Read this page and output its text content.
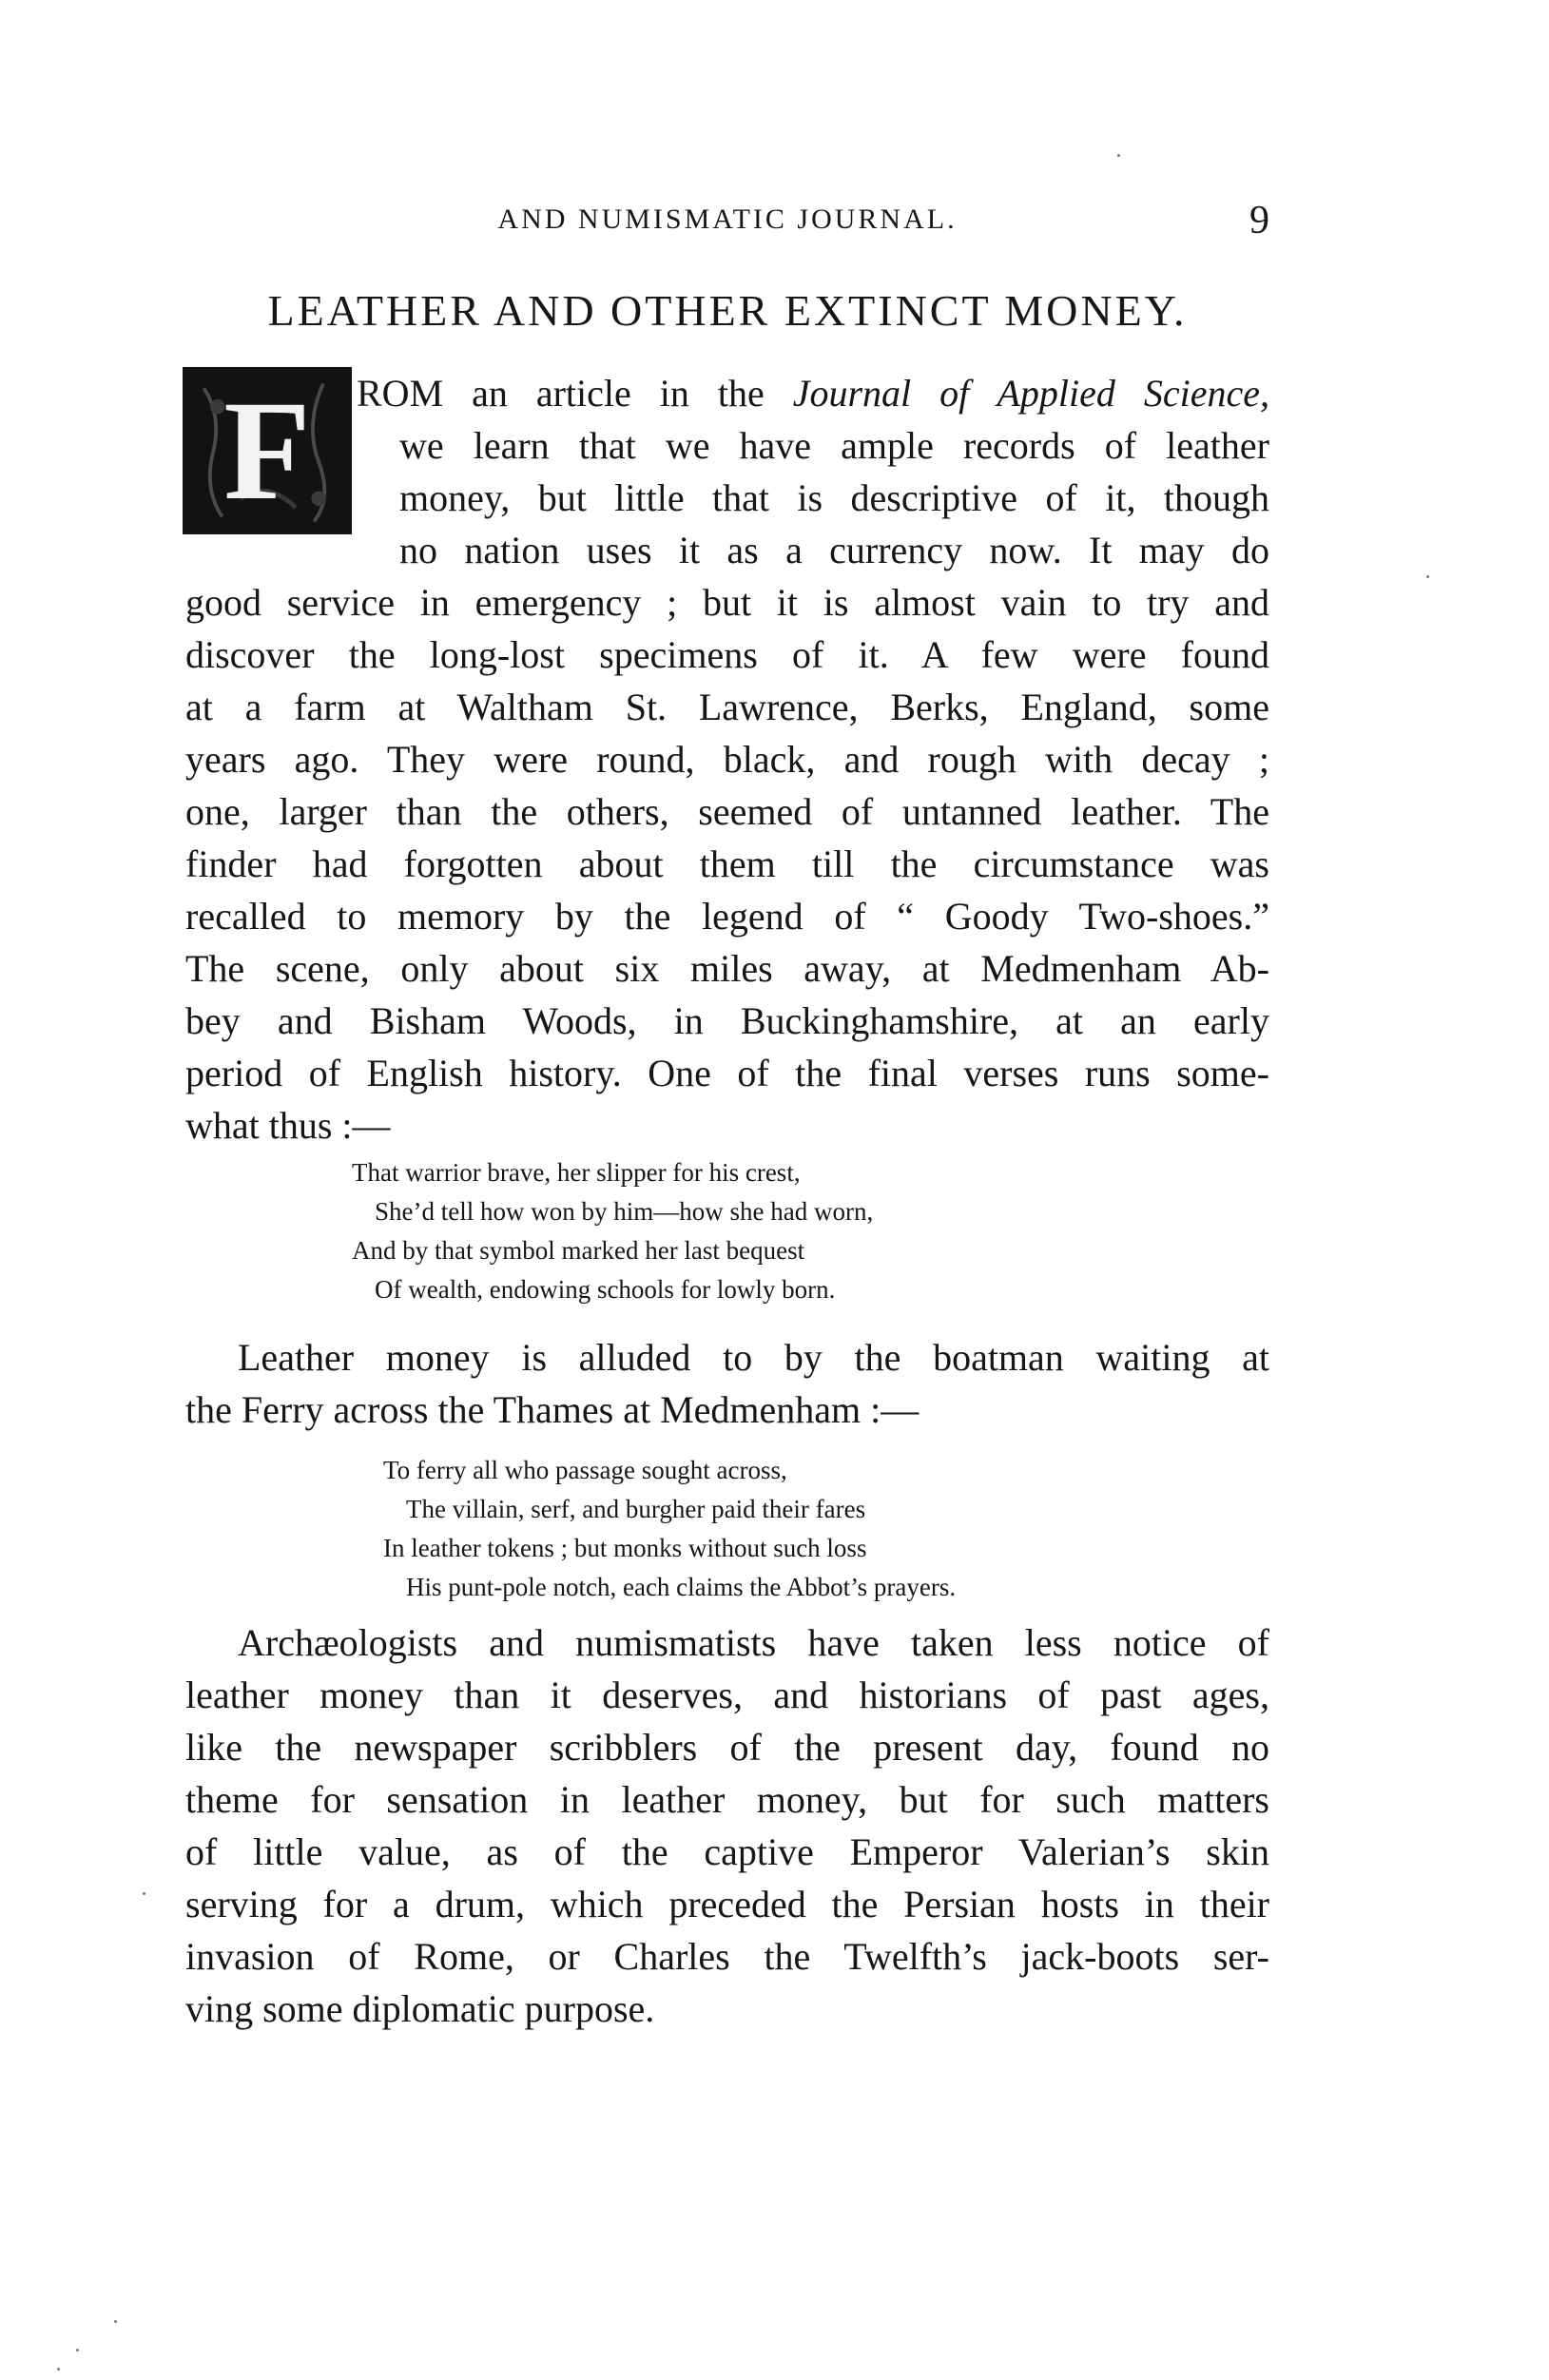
AND NUMISMATIC JOURNAL.	9
LEATHER AND OTHER EXTINCT MONEY.
F	ROM an article in the Journal of Applied Science,
we learn that we have ample records of leather
money, but little that is descriptive of it, though
no nation uses it as a currency now. It may do
good service in emergency ; but it is almost vain to try and
discover the long-lost specimens of it. A few were found
at a farm at Waltham St. Lawrence, Berks, England, some
years ago. They were round, black, and rough with decay ;
one, larger than the others, seemed of untanned leather. The
finder had forgotten about them till the circumstance was
recalled to memory by the legend of “ Goody Two-shoes.”
The scene, only about six miles away, at Medmenham Ab-
bey and Bisham Woods, in Buckinghamshire, at an early
period of English history. One of the final verses runs some-
what thus :—
That warrior brave, her slipper for his crest,
She’d tell how won by him—how she had worn,
And by that symbol marked her last bequest
Of wealth, endowing schools for lowly born.
Leather money is alluded to by the boatman waiting at
the Ferry across the Thames at Medmenham :—
To ferry all who passage sought across,
The villain, serf, and burgher paid their fares
In leather tokens ; but monks without such loss
His punt-pole notch, each claims the Abbot’s prayers.
Archæologists and numismatists have taken less notice of
leather money than it deserves, and historians of past ages,
like the newspaper scribblers of the present day, found no
theme for sensation in leather money, but for such matters
of little value, as of the captive Emperor Valerian’s skin
serving for a drum, which preceded the Persian hosts in their
invasion of Rome, or Charles the Twelfth’s jack-boots ser-
ving some diplomatic purpose.
